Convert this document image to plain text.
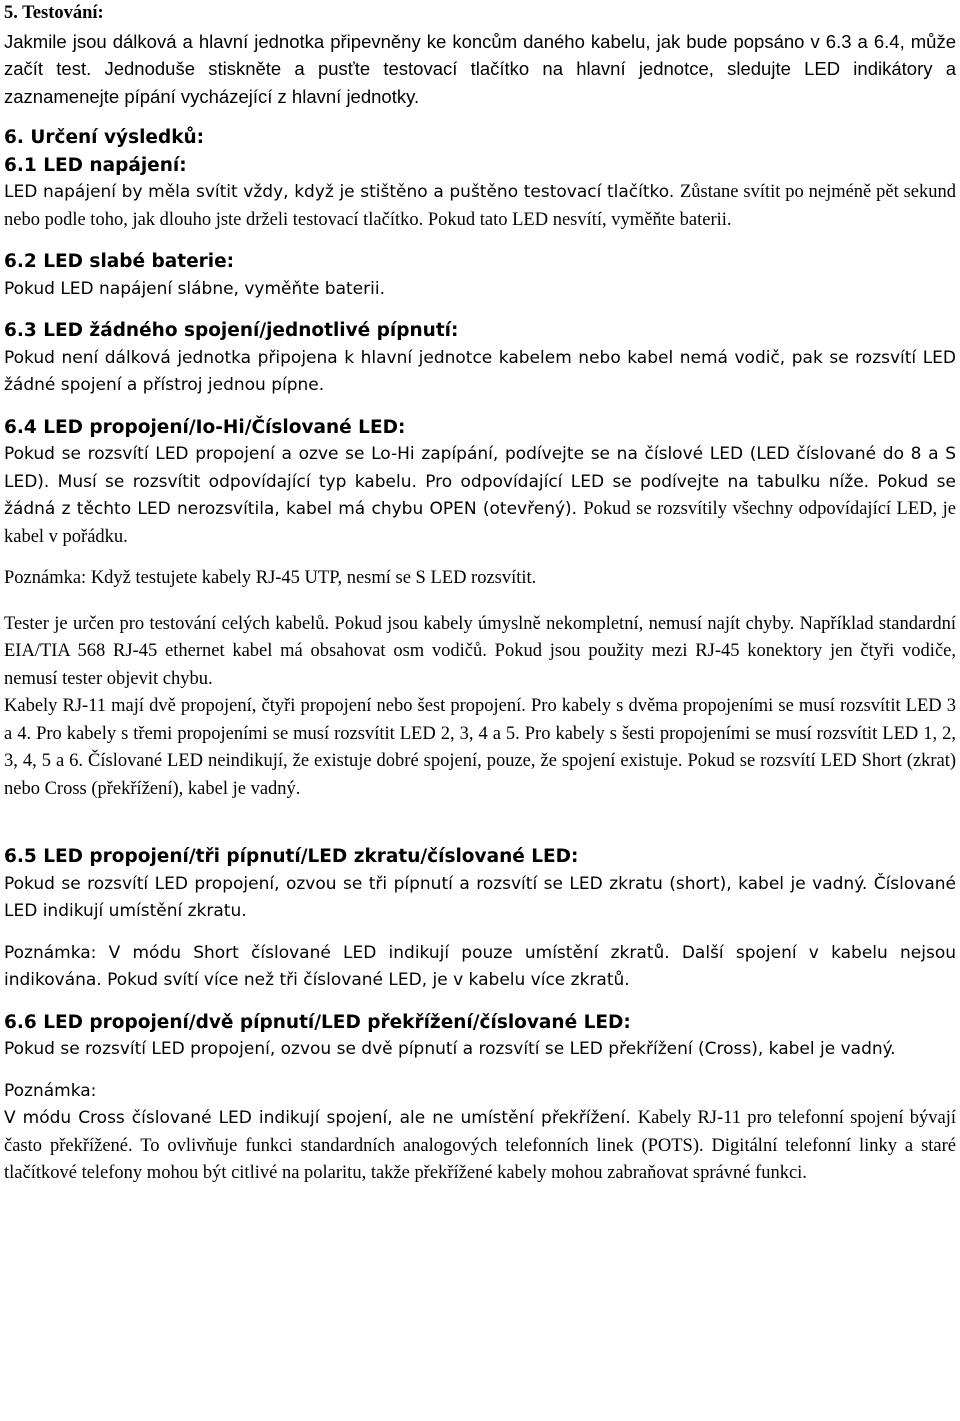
5. Testování:

Jakmile jsou dálková a hlavní jednotka připevněny ke koncům daného kabelu, jak bude popsáno v 6.3 a 6.4, může začít test. Jednoduše stiskněte a pusťte testovací tlačítko na hlavní jednotce, sledujte LED indikátory a zaznamenejte pípání vycházející z hlavní jednotky.

6. Určení výsledků:
6.1 LED napájení:

LED napájení by měla svítit vždy, když je stištěno a puštěno testovací tlačítko. Zůstane svítit po nejméně pět sekund nebo podle toho, jak dlouho jste drželi testovací tlačítko. Pokud tato LED nesvítí, vyměňte baterii.

6.2 LED slabé baterie:

Pokud LED napájení slábne, vyměňte baterii.

6.3 LED žádného spojení/jednotlivé pípnutí:

Pokud není dálková jednotka připojena k hlavní jednotce kabelem nebo kabel nemá vodič, pak se rozsvítí LED žádné spojení a přístroj jednou pípne.

6.4 LED propojení/Io-Hi/Číslované LED:

Pokud se rozsvítí LED propojení a ozve se Lo-Hi zapípání, podívejte se na číslové LED (LED číslované do 8 a S LED). Musí se rozsvítit odpovídající typ kabelu. Pro odpovídající LED se podívejte na tabulku níže. Pokud se žádná z těchto LED nerozsvítila, kabel má chybu OPEN (otevřený). Pokud se rozsvítily všechny odpovídající LED, je kabel v pořádku.

Poznámka: Když testujete kabely RJ-45 UTP, nesmí se S LED rozsvítit.

Tester je určen pro testování celých kabelů. Pokud jsou kabely úmyslně nekompletní, nemusí najít chyby. Například standardní EIA/TIA 568 RJ-45 ethernet kabel má obsahovat osm vodičů. Pokud jsou použity mezi RJ-45 konektory jen čtyři vodiče, nemusí tester objevit chybu.

Kabely RJ-11 mají dvě propojení, čtyři propojení nebo šest propojení. Pro kabely s dvěma propojeními se musí rozsvítit LED 3 a 4. Pro kabely s třemi propojeními se musí rozsvítit LED 2, 3, 4 a 5. Pro kabely s šesti propojeními se musí rozsvítit LED 1, 2, 3, 4, 5 a 6. Číslované LED neindikují, že existuje dobré spojení, pouze, že spojení existuje. Pokud se rozsvítí LED Short (zkrat) nebo Cross (překřížení), kabel je vadný.

6.5 LED propojení/tři pípnutí/LED zkratu/číslované LED:

Pokud se rozsvítí LED propojení, ozvou se tři pípnutí a rozsvítí se LED zkratu (short), kabel je vadný. Číslované LED indikují umístění zkratu.

Poznámka: V módu Short číslované LED indikují pouze umístění zkratů. Další spojení v kabelu nejsou indikována. Pokud svítí více než tři číslované LED, je v kabelu více zkratů.

6.6 LED propojení/dvě pípnutí/LED překřížení/číslované LED:

Pokud se rozsvítí LED propojení, ozvou se dvě pípnutí a rozsvítí se LED překřížení (Cross), kabel je vadný.

Poznámka:

V módu Cross číslované LED indikují spojení, ale ne umístění překřížení. Kabely RJ-11 pro telefonní spojení bývají často překřížené. To ovlivňuje funkci standardních analogových telefonních linek (POTS). Digitální telefonní linky a staré tlačítkové telefony mohou být citlivé na polaritu, takže překřížené kabely mohou zabraňovat správné funkci.
